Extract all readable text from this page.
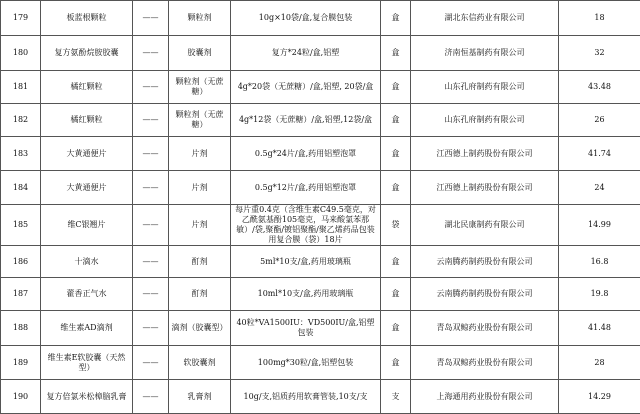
179	板蓝根颗粒	——	颗粒剂	10g×10袋/盒,复合膜包装	盒	湖北东信药业有限公司	18
180	复方氨酚烷胺胶囊	——	胶囊剂	复方*24粒/盒,铝塑	盒	济南恒基制药有限公司	32
181	橘红颗粒	——	颗粒剂（无蔗糖）	4g*20袋（无蔗糖）/盒,铝塑, 20袋/盒	盒	山东孔府制药有限公司	43.48
182	橘红颗粒	——	颗粒剂（无蔗糖）	4g*12袋（无蔗糖）/盒,铝塑,12袋/盒	盒	山东孔府制药有限公司	26
183	大黄通便片	——	片剂	0.5g*24片/盒,药用铝塑泡罩	盒	江西德上制药股份有限公司	41.74
184	大黄通便片	——	片剂	0.5g*12片/盒,药用铝塑泡罩	盒	江西德上制药股份有限公司	24
185	维C银翘片	——	片剂	每片重0.4克（含维生素C49.5毫克，对乙酰氨基酚105毫克，马来酸氯苯那敏）/袋,聚酯/镀铝聚酯/聚乙烯药品包装用复合膜（袋）18片	袋	湖北民康制药有限公司	14.99
186	十滴水	——	酊剂	5ml*10支/盒,药用玻璃瓶	盒	云南腾药制药股份有限公司	16.8
187	藿香正气水	——	酊剂	10ml*10支/盒,药用玻璃瓶	盒	云南腾药制药股份有限公司	19.8
188	维生素AD滴剂	——	滴剂（胶囊型）	40粒*VA1500IU：VD500IU/盒,铝塑包装	盒	青岛双鲸药业股份有限公司	41.48
189	维生素E软胶囊（天然型）	——	软胶囊剂	100mg*30粒/盒,铝塑包装	盒	青岛双鲸药业股份有限公司	28
190	复方倍氯米松樟脑乳膏	——	乳膏剂	10g/支,铝质药用软膏管装,10支/支	支	上海通用药业股份有限公司	14.29
